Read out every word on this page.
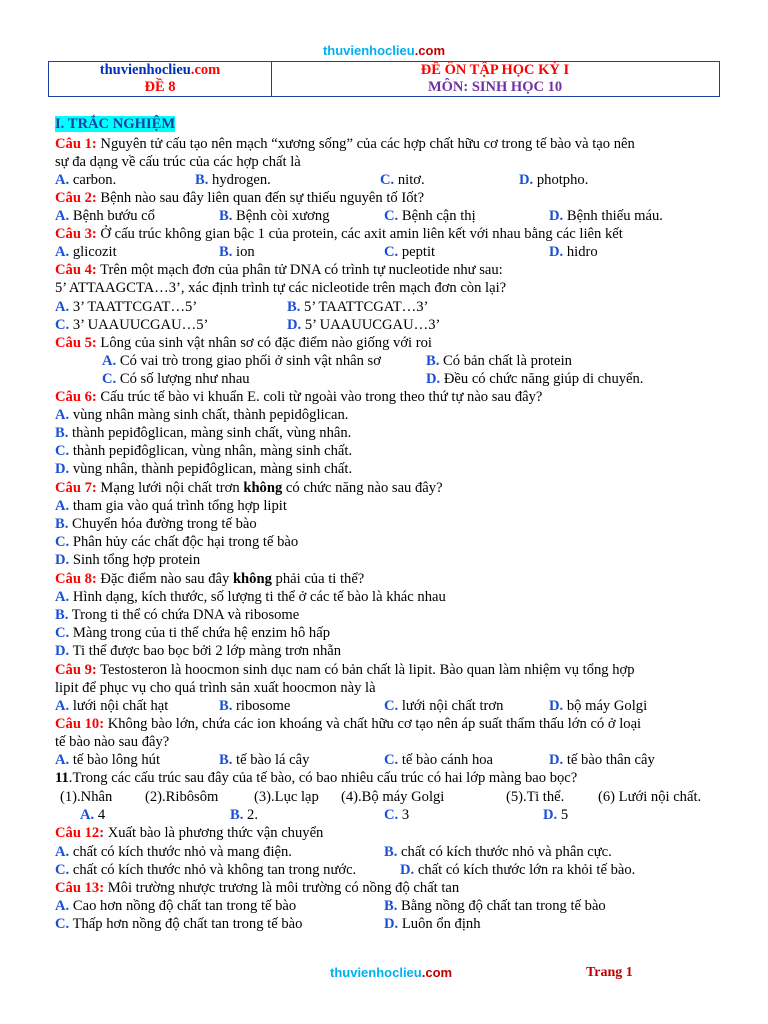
thuvienhoclieu.com
thuvienhoclieu.com
ĐỀ 8
ĐỀ ÔN TẬP HỌC KỲ I
MÔN: SINH HỌC 10
I. TRẮC NGHIỆM
Câu 1: Nguyên tử cấu tạo nên mạch “xương sống” của các hợp chất hữu cơ trong tế bào và tạo nên
sự đa dạng về cấu trúc của các hợp chất là
A. carbon.	B. hydrogen.	C. nitơ.	D. photpho.
Câu 2: Bệnh nào sau đây liên quan đến sự thiếu nguyên tố Iốt?
A. Bệnh bướu cổ	B. Bệnh còi xương	C. Bệnh cận thị	D. Bệnh thiếu máu.
Câu 3: Ở cấu trúc không gian bậc 1 của protein, các axit amin liên kết với nhau bằng các liên kết
A. glicozit	B. ion	C. peptit	D. hidro
Câu 4: Trên một mạch đơn của phân tử DNA có trình tự nucleotide như sau:
5’ ATTAAGCTA…3’, xác định trình tự các nicleotide trên mạch đơn còn lại?
A. 3’ TAATTCGAT…5’	B. 5’ TAATTCGAT…3’
C. 3’ UAAUUCGAU…5’	D. 5’ UAAUUCGAU…3’
Câu 5: Lông của sinh vật nhân sơ có đặc điểm nào giống với roi
A. Có vai trò trong giao phối ở sinh vật nhân sơ	B. Có bản chất là protein
C. Có số lượng như nhau	D. Đều có chức năng giúp di chuyển.
Câu 6: Cấu trúc tế bào vi khuẩn E. coli từ ngoài vào trong theo thứ tự nào sau đây?
A. vùng nhân màng sinh chất, thành pepidôglican.
B. thành pepiđôglican, màng sinh chất, vùng nhân.
C. thành pepiđôglican, vùng nhân, màng sinh chất.
D. vùng nhân, thành pepiđôglican, màng sinh chất.
Câu 7: Mạng lưới nội chất trơn không có chức năng nào sau đây?
A. tham gia vào quá trình tổng hợp lipit
B. Chuyển hóa đường trong tế bào
C. Phân hủy các chất độc hại trong tế bào
D. Sinh tổng hợp protein
Câu 8: Đặc điểm nào sau đây không phải của ti thể?
A. Hình dạng, kích thước, số lượng ti thể ở các tế bào là khác nhau
B. Trong ti thể có chứa DNA và ribosome
C. Màng trong của ti thể chứa hệ enzim hô hấp
D. Ti thể được bao bọc bởi 2 lớp màng trơn nhẵn
Câu 9: Testosteron là hoocmon sinh dục nam có bản chất là lipit. Bào quan làm nhiệm vụ tổng hợp
lipit để phục vụ cho quá trình sản xuất hoocmon này là
A. lưới nội chất hạt	B. ribosome	C. lưới nội chất trơn	D. bộ máy Golgi
Câu 10: Không bào lớn, chứa các ion khoáng và chất hữu cơ tạo nên áp suất thẩm thấu lớn có ở loại
tế bào nào sau đây?
A. tế bào lông hút	B. tế bào lá cây	C. tế bào cánh hoa	D. tế bào thân cây
11.Trong các cấu trúc sau đây của tế bào, có bao nhiêu cấu trúc có hai lớp màng bao bọc?
(1).Nhân (2).Ribôsôm (3).Lục lạp (4).Bộ máy Golgi	(5).Ti thể. (6) Lưới nội chất.
A. 4	B. 2.	C. 3	D. 5
Câu 12: Xuất bào là phương thức vận chuyển
A. chất có kích thước nhỏ và mang điện.	B. chất có kích thước nhỏ và phân cực.
C. chất có kích thước nhỏ và không tan trong nước.	D. chất có kích thước lớn ra khỏi tế bào.
Câu 13: Môi trường nhược trương là môi trường có nồng độ chất tan
A. Cao hơn nồng độ chất tan trong tế bào	B. Bằng nồng độ chất tan trong tế bào
C. Thấp hơn nồng độ chất tan trong tế bào	D. Luôn ổn định
thuvienhoclieu.com	Trang 1
